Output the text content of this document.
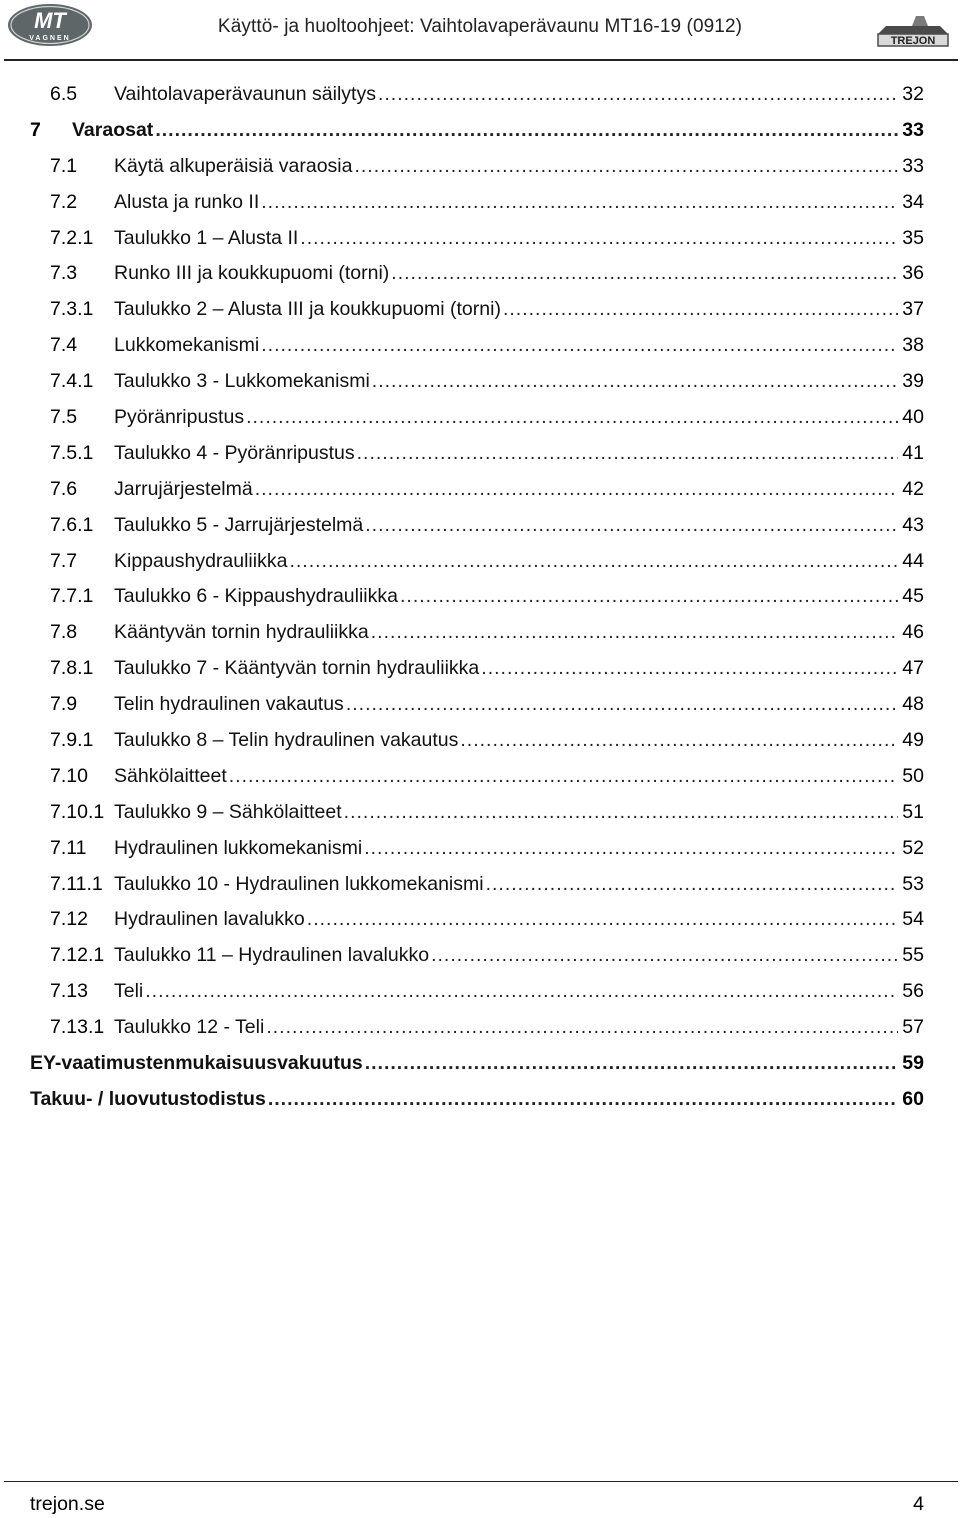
MT
VAGNEN
Käyttö- ja huoltoohjeet: Vaihtolavaperävaunu MT16-19 (0912)
TREJON
6.5	Vaihtolavaperävaunun säilytys .....	32
7	Varaosat .....	33
7.1	Käytä alkuperäisiä varaosia .....	33
7.2	Alusta ja runko II .....	34
7.2.1	Taulukko 1 – Alusta II .....	35
7.3	Runko III ja koukkupuomi (torni) .....	36
7.3.1	Taulukko 2 – Alusta III ja koukkupuomi (torni) .....	37
7.4	Lukkomekanismi .....	38
7.4.1	Taulukko 3 - Lukkomekanismi .....	39
7.5	Pyöränripustus .....	40
7.5.1	Taulukko 4 - Pyöränripustus .....	41
7.6	Jarrujärjestelmä .....	42
7.6.1	Taulukko 5 - Jarrujärjestelmä .....	43
7.7	Kippaushydrauliikka .....	44
7.7.1	Taulukko 6 - Kippaushydrauliikka .....	45
7.8	Kääntyvän tornin hydrauliikka .....	46
7.8.1	Taulukko 7 - Kääntyvän tornin hydrauliikka .....	47
7.9	Telin hydraulinen vakautus .....	48
7.9.1	Taulukko 8 – Telin hydraulinen vakautus .....	49
7.10	Sähkölaitteet .....	50
7.10.1 Taulukko 9 – Sähkölaitteet .....	51
7.11	Hydraulinen lukkomekanismi .....	52
7.11.1 Taulukko 10 - Hydraulinen lukkomekanismi .....	53
7.12	Hydraulinen lavalukko .....	54
7.12.1 Taulukko 11 – Hydraulinen lavalukko .....	55
7.13	Teli .....	56
7.13.1 Taulukko 12 - Teli .....	57
EY-vaatimustenmukaisuusvakuutus .....	59
Takuu- / luovutustodistus .....	60
trejon.se	4
